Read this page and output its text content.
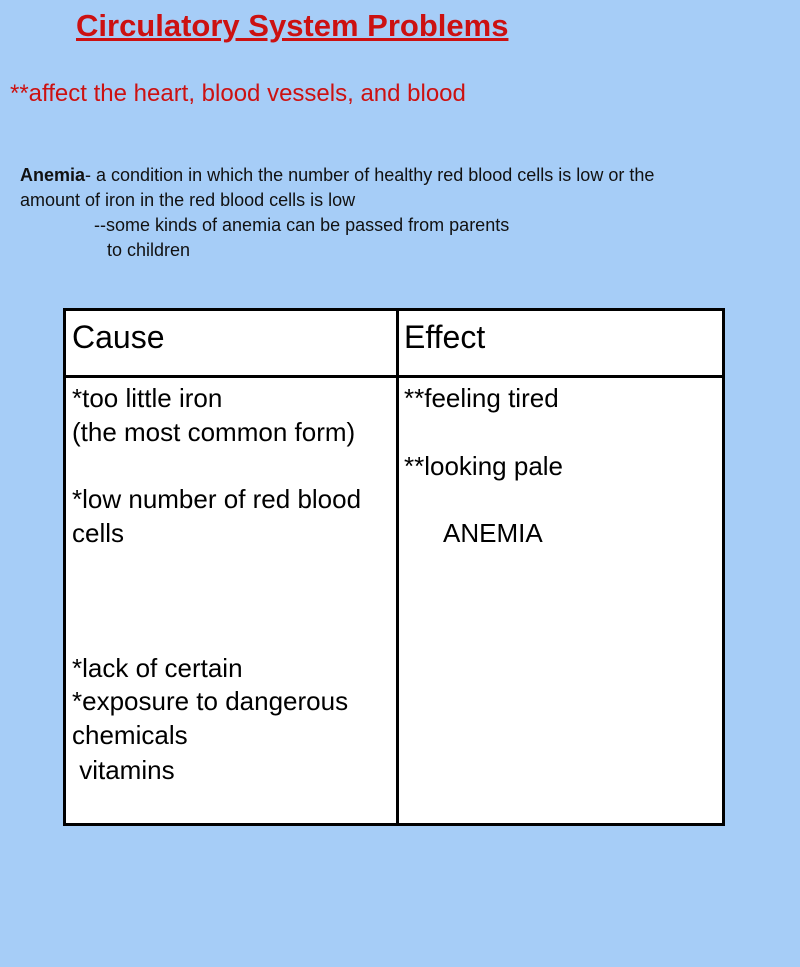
Circulatory System Problems
**affect the heart, blood vessels, and blood
Anemia- a condition in which the number of healthy red blood cells is low or the
amount of iron in the red blood cells is low
--some kinds of anemia can be passed from parents
to children
Cause	Effect
*too little iron
(the most common form)
*low number of red blood
cells

*lack of certain

vitamins

*exposure to dangerous
chemicals
**feeling tired
**looking pale
ANEMIA
